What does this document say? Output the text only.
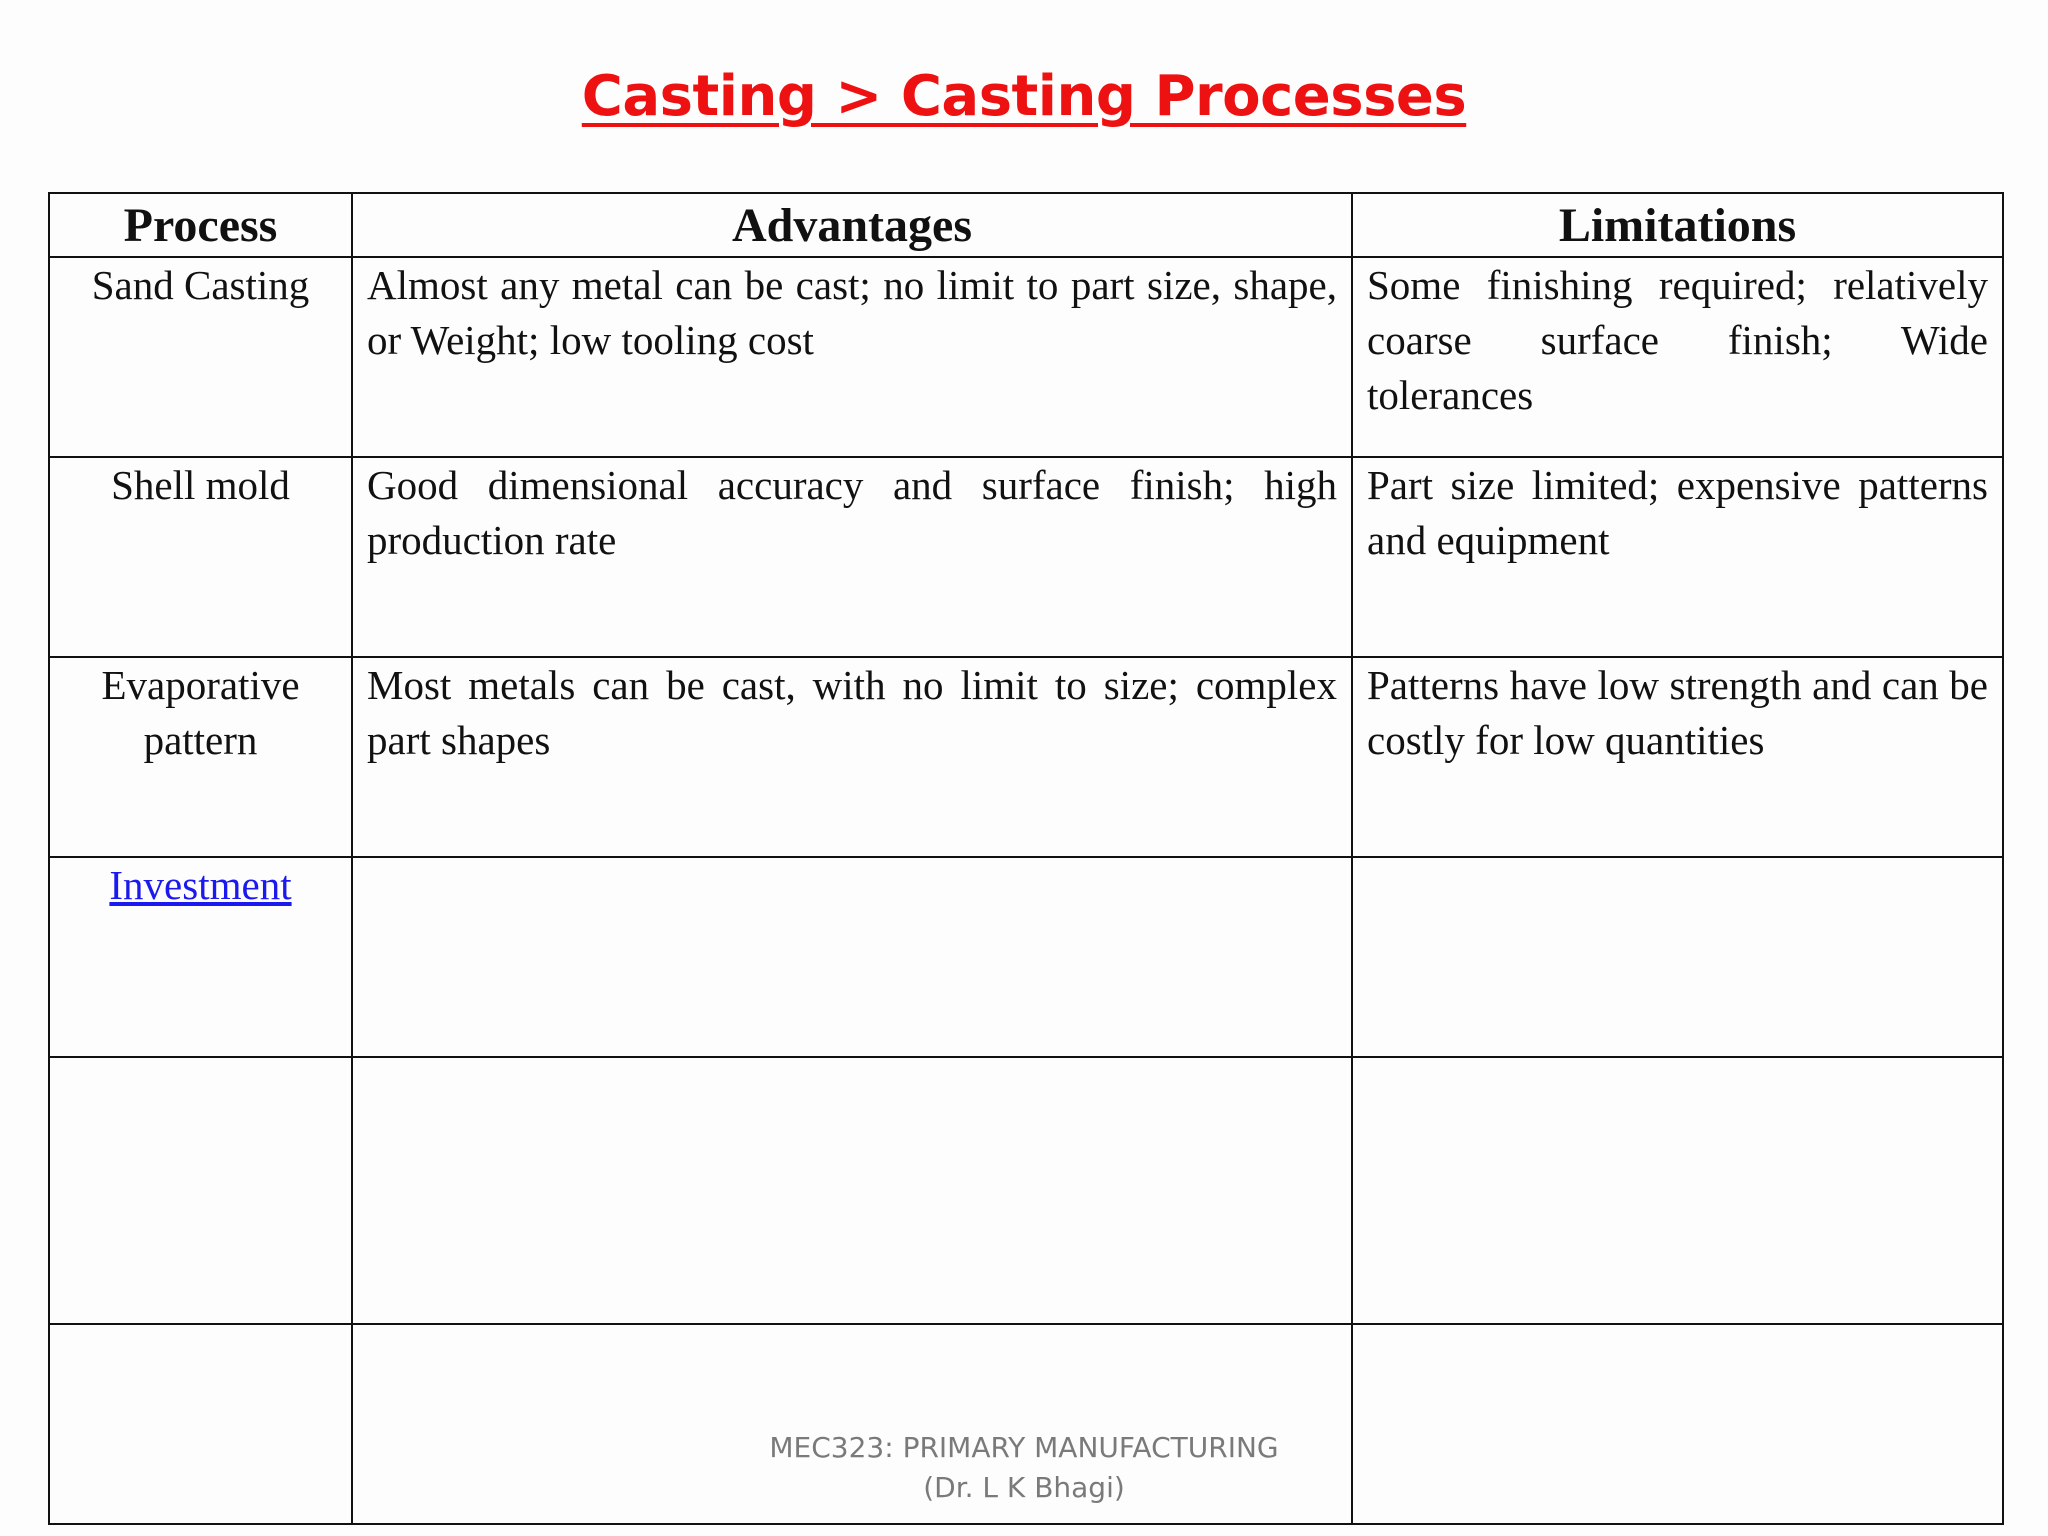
Casting > Casting Processes
Process	Advantages	Limitations
Sand Casting	Almost any metal can be cast; no limit to part size, shape, or Weight; low tooling cost	Some finishing required; relatively coarse surface finish; Wide tolerances
Shell mold	Good dimensional accuracy and surface finish; high production rate	Part size limited; expensive patterns and equipment
Evaporative pattern	Most metals can be cast, with no limit to size; complex part shapes	Patterns have low strength and can be costly for low quantities
Investment		

MEC323: PRIMARY MANUFACTURING
(Dr. L K Bhagi)
